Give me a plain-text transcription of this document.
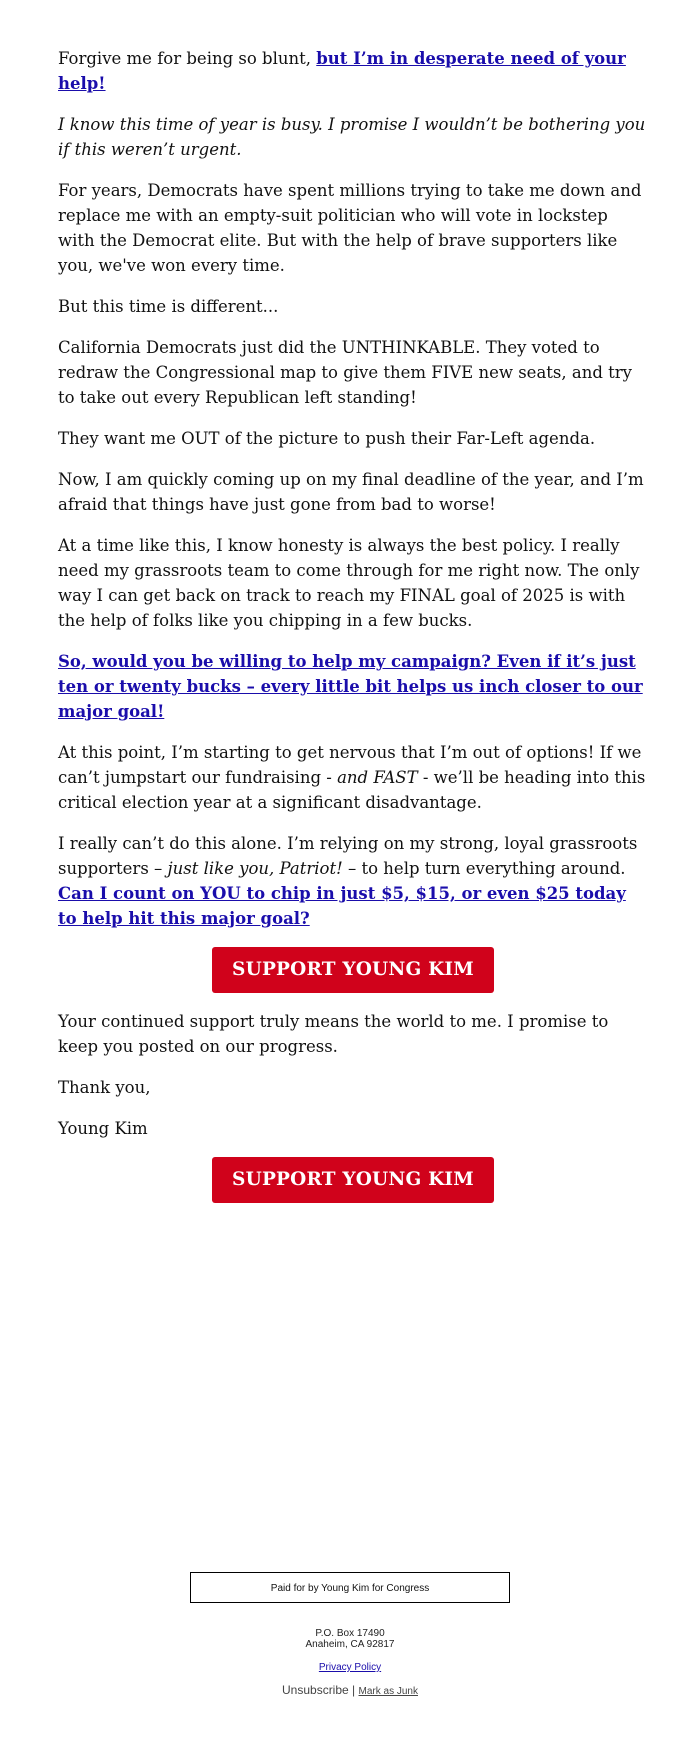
Forgive me for being so blunt, but I’m in desperate need of your help!

I know this time of year is busy. I promise I wouldn’t be bothering you if this weren’t urgent.

For years, Democrats have spent millions trying to take me down and replace me with an empty-suit politician who will vote in lockstep with the Democrat elite. But with the help of brave supporters like you, we've won every time.

But this time is different...

California Democrats just did the UNTHINKABLE. They voted to redraw the Congressional map to give them FIVE new seats, and try to take out every Republican left standing!

They want me OUT of the picture to push their Far-Left agenda.

Now, I am quickly coming up on my final deadline of the year, and I’m afraid that things have just gone from bad to worse!

At a time like this, I know honesty is always the best policy. I really need my grassroots team to come through for me right now. The only way I can get back on track to reach my FINAL goal of 2025 is with the help of folks like you chipping in a few bucks.

So, would you be willing to help my campaign? Even if it’s just ten or twenty bucks – every little bit helps us inch closer to our major goal!

At this point, I’m starting to get nervous that I’m out of options! If we can’t jumpstart our fundraising - and FAST - we’ll be heading into this critical election year at a significant disadvantage.

I really can’t do this alone. I’m relying on my strong, loyal grassroots supporters – just like you, Patriot! – to help turn everything around. Can I count on YOU to chip in just $5, $15, or even $25 today to help hit this major goal?

SUPPORT YOUNG KIM

Your continued support truly means the world to me. I promise to keep you posted on our progress.

Thank you,

Young Kim

SUPPORT YOUNG KIM
Paid for by Young Kim for Congress
P.O. Box 17490
Anaheim, CA 92817
Privacy Policy
Unsubscribe | Mark as Junk
